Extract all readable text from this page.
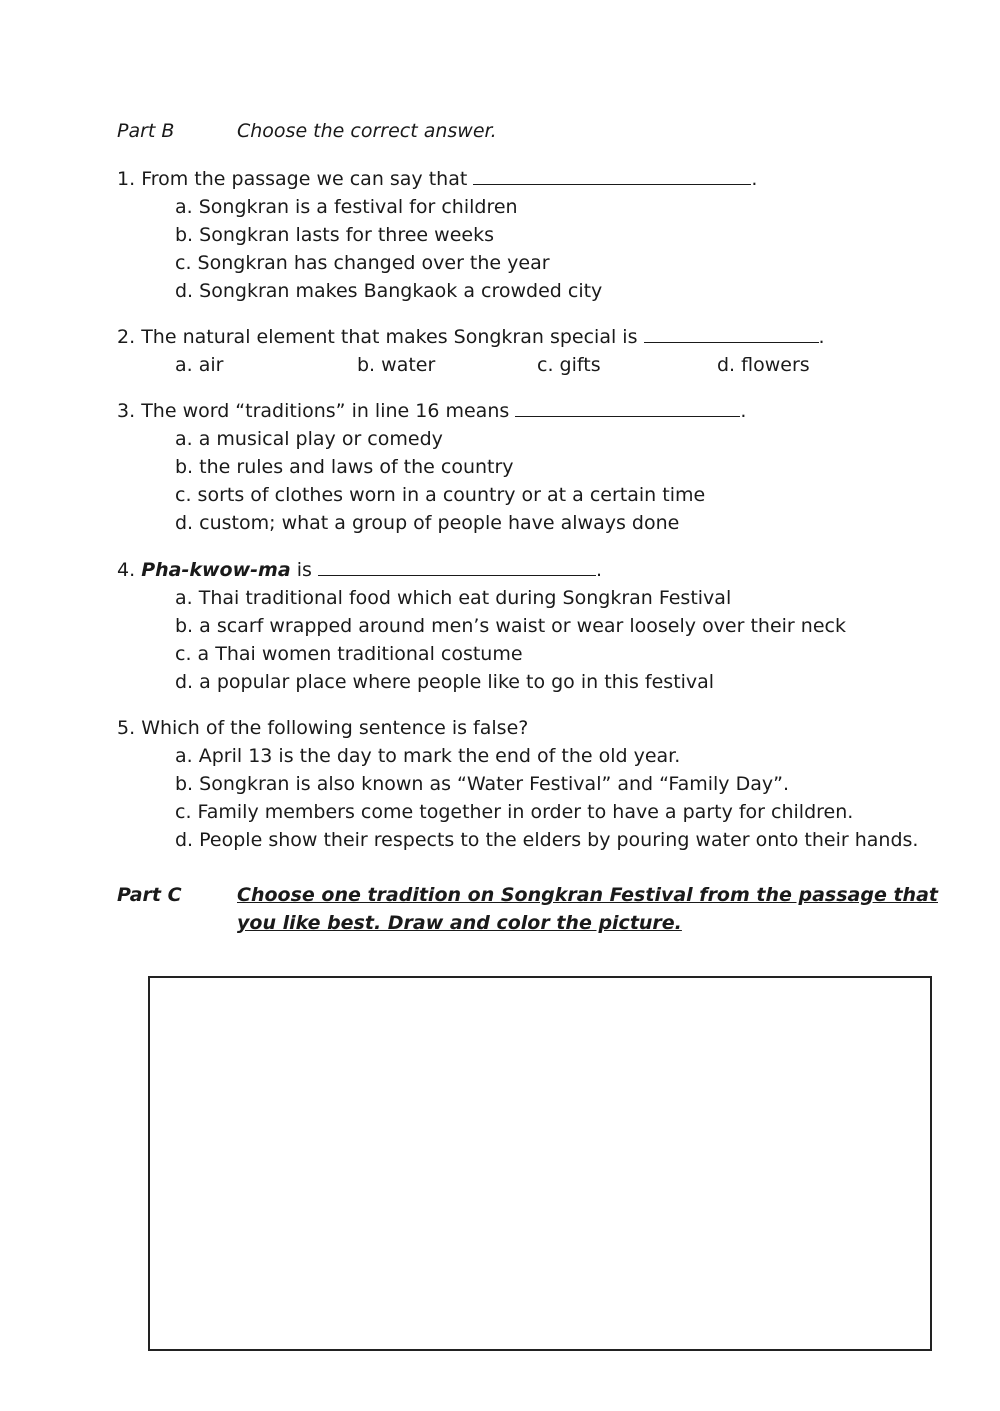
Part B	Choose the correct answer.
1. From the passage we can say that	.
a. Songkran is a festival for children
b. Songkran lasts for three weeks
c. Songkran has changed over the year
d. Songkran makes Bangkaok a crowded city
2. The natural element that makes Songkran special is	.
a. air	b. water	c. gifts	d. flowers
3. The word “traditions” in line 16 means	.
a. a musical play or comedy
b. the rules and laws of the country
c. sorts of clothes worn in a country or at a certain time
d. custom; what a group of people have always done
4. Pha-kwow-ma is	.
a. Thai traditional food which eat during Songkran Festival
b. a scarf wrapped around men’s waist or wear loosely over their neck
c. a Thai women traditional costume
d. a popular place where people like to go in this festival
5. Which of the following sentence is false?
a. April 13 is the day to mark the end of the old year.
b. Songkran is also known as “Water Festival” and “Family Day”.
c. Family members come together in order to have a party for children.
d. People show their respects to the elders by pouring water onto their hands.
Part C	Choose one tradition on Songkran Festival from the passage that
you like best. Draw and color the picture.
